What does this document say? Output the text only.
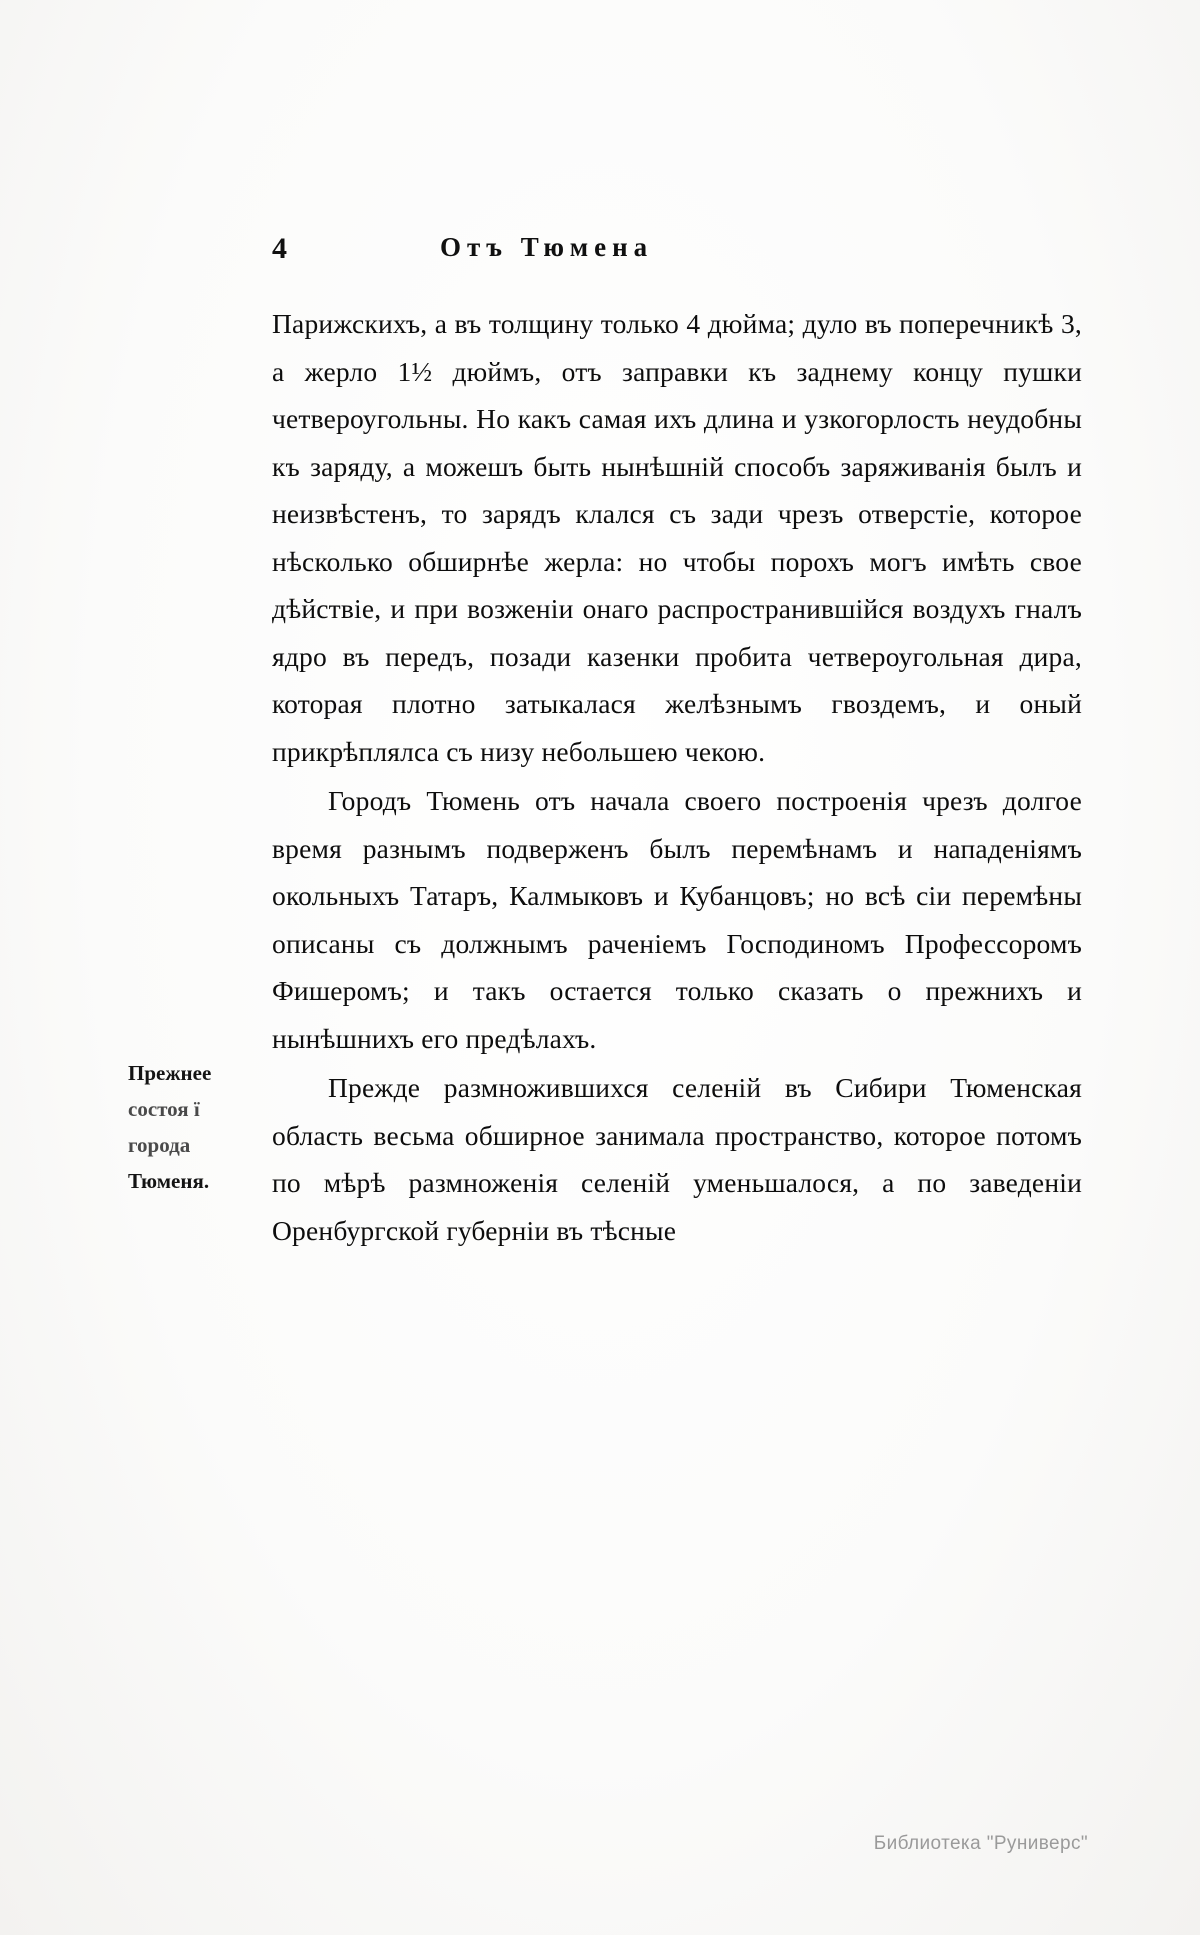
4	Отъ Тюмена
Прежнее
состоя ї
города
Тюменя.

Парижскихъ, а въ толщину только 4 дюйма; дуло въ поперечникѣ 3, а жерло 1½ дюймъ, отъ заправки къ заднему концу пушки четвероугольны. Но какъ самая ихъ длина и узкогорлость неудобны къ заряду, а можешъ быть нынѣшній способъ заряживанія былъ и неизвѣстенъ, то зарядъ клался съ зади чрезъ отверстіе, которое нѣсколько обширнѣе жерла: но чтобы порохъ могъ имѣть свое дѣйствіе, и при возженіи онаго распространившійся воздухъ гналъ ядро въ передъ, позади казенки пробита четвероугольная дира, которая плотно затыкалася желѣзнымъ гвоздемъ, и оный прикрѣплялса съ низу небольшею чекою.

Городъ Тюмень отъ начала своего построенія чрезъ долгое время разнымъ подверженъ былъ перемѣнамъ и нападеніямъ окольныхъ Татаръ, Калмыковъ и Кубанцовъ; но всѣ сіи перемѣны описаны съ должнымъ раченіемъ Господиномъ Профессоромъ Фишеромъ; и такъ остается только сказать о прежнихъ и нынѣшнихъ его предѣлахъ.

Прежде размножившихся селеній въ Сибири Тюменская область весьма обширное занимала пространство, которое потомъ по мѣрѣ размноженія селеній уменьшалося, а по заведеніи Оренбургской губерніи въ тѣсные

Библиотека "Руниверс"
